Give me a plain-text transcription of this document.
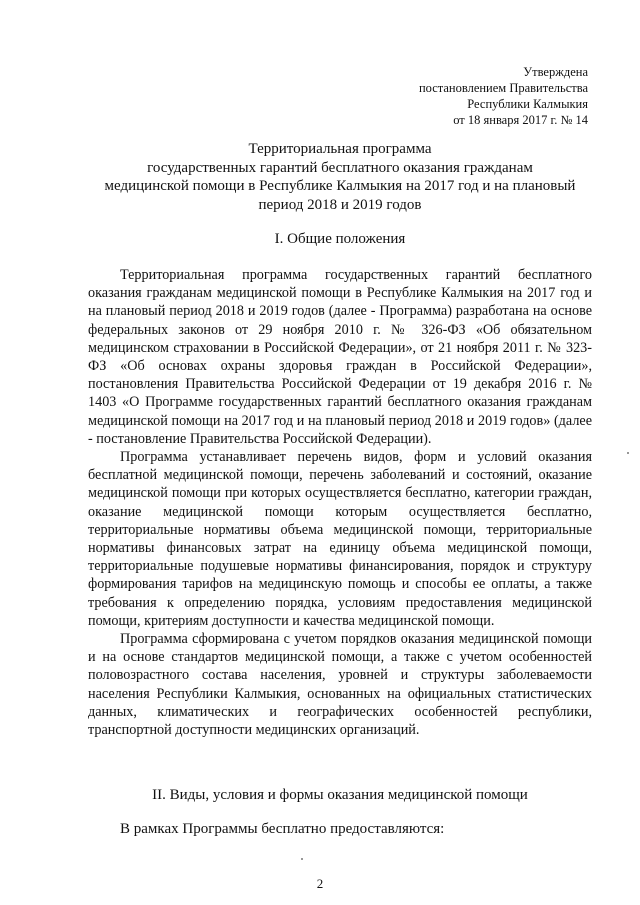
Утверждена
постановлением Правительства
Республики Калмыкия
от 18 января 2017 г. № 14
Территориальная программа
государственных гарантий бесплатного оказания гражданам
медицинской помощи в Республике Калмыкия на 2017 год и на плановый
период 2018 и 2019 годов
I. Общие положения

Территориальная программа государственных гарантий бесплатного оказания гражданам медицинской помощи в Республике Калмыкия на 2017 год и на плановый период 2018 и 2019 годов (далее - Программа) разработана на основе федеральных законов от 29 ноября 2010 г. № 326-ФЗ «Об обязательном медицинском страховании в Российской Федерации», от 21 ноября 2011 г. № 323-ФЗ «Об основах охраны здоровья граждан в Российской Федерации», постановления Правительства Российской Федерации от 19 декабря 2016 г. № 1403 «О Программе государственных гарантий бесплатного оказания гражданам медицинской помощи на 2017 год и на плановый период 2018 и 2019 годов» (далее - постановление Правительства Российской Федерации).

Программа устанавливает перечень видов, форм и условий оказания бесплатной медицинской помощи, перечень заболеваний и состояний, оказание медицинской помощи при которых осуществляется бесплатно, категории граждан, оказание медицинской помощи которым осуществляется бесплатно, территориальные нормативы объема медицинской помощи, территориальные нормативы финансовых затрат на единицу объема медицинской помощи, территориальные подушевые нормативы финансирования, порядок и структуру формирования тарифов на медицинскую помощь и способы ее оплаты, а также требования к определению порядка, условиям предоставления медицинской помощи, критериям доступности и качества медицинской помощи.

Программа сформирована с учетом порядков оказания медицинской помощи и на основе стандартов медицинской помощи, а также с учетом особенностей половозрастного состава населения, уровней и структуры заболеваемости населения Республики Калмыкия, основанных на официальных статистических данных, климатических и географических особенностей республики, транспортной доступности медицинских организаций.

II. Виды, условия и формы оказания медицинской помощи
В рамках Программы бесплатно предоставляются:
2
